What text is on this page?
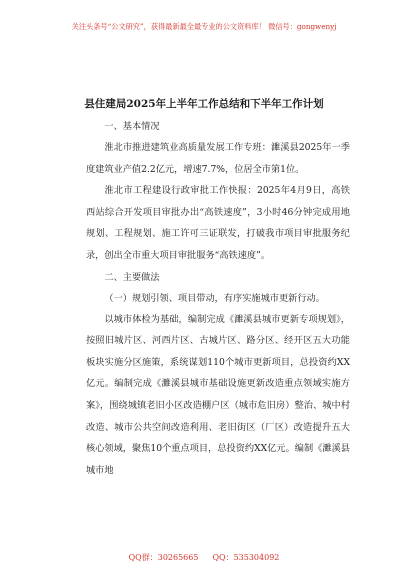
关注头条号“公文研究”，获得最新最全最专业的公文资料库！ 微信号：gongwenyj
县住建局2025年上半年工作总结和下半年工作计划

一、基本情况

淮北市推进建筑业高质量发展工作专班：濉溪县2025年一季度建筑业产值2.2亿元，增速7.7%，位居全市第1位。

淮北市工程建设行政审批工作快报：2025年4月9日，高铁西站综合开发项目审批办出“高铁速度”，3小时46分钟完成用地规划、工程规划、施工许可三证联发，打破我市项目审批服务纪录，创出全市重大项目审批服务“高铁速度”。

二、主要做法

（一）规划引领、项目带动，有序实施城市更新行动。

以城市体检为基础，编制完成《濉溪县城市更新专项规划》，按照旧城片区、河西片区、古城片区、路分区、经开区五大功能板块实施分区施策，系统谋划110个城市更新项目，总投资约XX亿元。编制完成《濉溪县城市基础设施更新改造重点领域实施方案》，围绕城镇老旧小区改造棚户区（城市危旧房）整治、城中村改造、城市公共空间改造利用、老旧街区（厂区）改造提升五大核心领域，聚焦10个重点项目，总投资约XX亿元。编制《濉溪县城市地

QQ群：30265665 QQ：535304092
